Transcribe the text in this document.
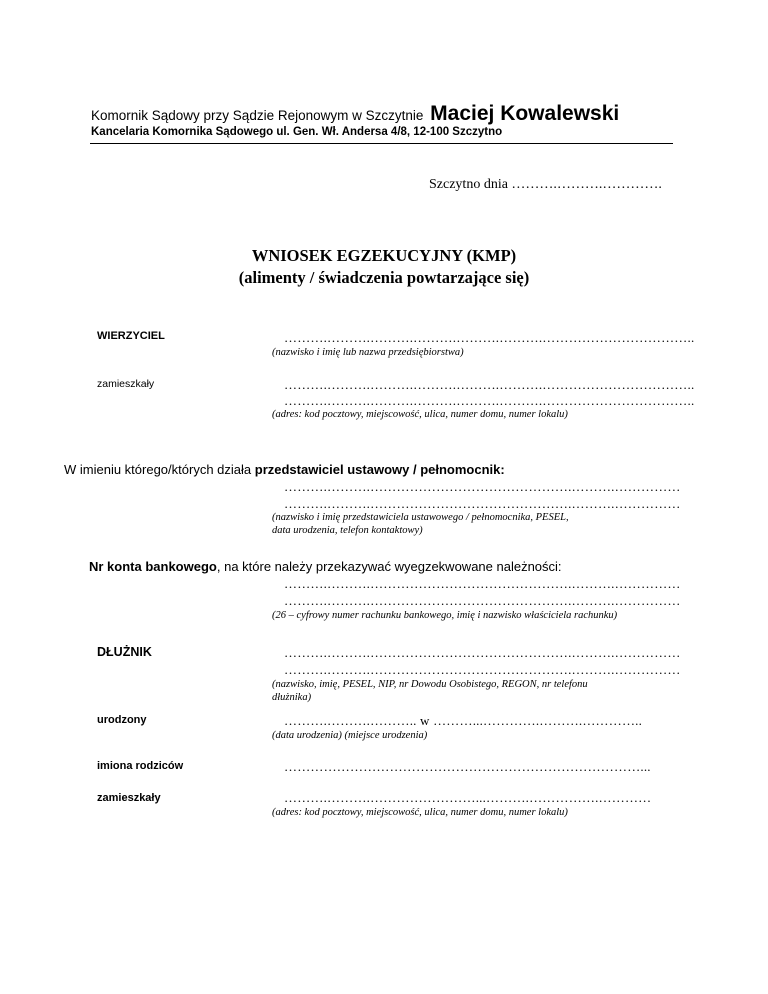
Komornik Sądowy przy Sądzie Rejonowym w Szczytnie Maciej Kowalewski
Kancelaria Komornika Sądowego ul. Gen. Wł. Andersa 4/8, 12-100 Szczytno
Szczytno dnia ……….……….………….
WNIOSEK EGZEKUCYJNY (KMP)
(alimenty / świadczenia powtarzające się)
WIERZYCIEL	……….……….……….……….……….……….……………………………..
(nazwisko i imię lub nazwa przedsiębiorstwa)
zamieszkały	……….……….……….……….……….……….……………………………..
……….……….……….……….……….……….……………………………..
(adres: kod pocztowy, miejscowość, ulica, numer domu, numer lokalu)
W imieniu którego/których działa przedstawiciel ustawowy / pełnomocnik:
……….……….……………………………………….……….……………
……….……….……………………………………….……….……………
(nazwisko i imię przedstawiciela ustawowego / pełnomocnika, PESEL,
data urodzenia, telefon kontaktowy)
Nr konta bankowego, na które należy przekazywać wyegzekwowane należności:
……….……….……………………………………….……….……………
……….……….……………………………………….……….……………
(26 – cyfrowy numer rachunku bankowego, imię i nazwisko właściciela rachunku)
DŁUŻNIK	……….……….……………………………………….……….……………
……….……….……………………………………….……….……………
(nazwisko, imię, PESEL, NIP, nr Dowodu Osobistego, REGON, nr telefonu
dłużnika)
urodzony	……….……….……….. w ………...………….……….…………..
(data urodzenia) (miejsce urodzenia)
imiona rodziców	………………………………………………………………………...
zamieszkały	……….……….……………………...……….…………….…………
(adres: kod pocztowy, miejscowość, ulica, numer domu, numer lokalu)
